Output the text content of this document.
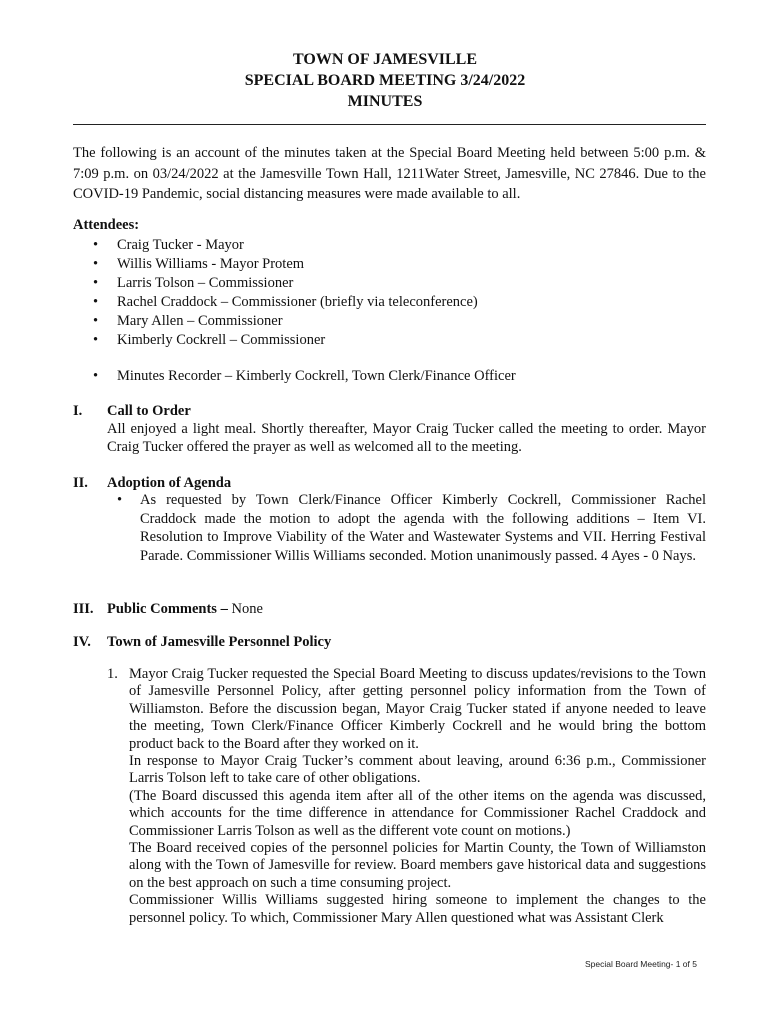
TOWN OF JAMESVILLE
SPECIAL BOARD MEETING 3/24/2022
MINUTES

The following is an account of the minutes taken at the Special Board Meeting held between 5:00 p.m. & 7:09 p.m. on 03/24/2022 at the Jamesville Town Hall, 1211Water Street, Jamesville, NC 27846. Due to the COVID-19 Pandemic, social distancing measures were made available to all.

Attendees:
• Craig Tucker - Mayor
• Willis Williams - Mayor Protem
• Larris Tolson – Commissioner
• Rachel Craddock – Commissioner (briefly via teleconference)
• Mary Allen – Commissioner
• Kimberly Cockrell – Commissioner
• Minutes Recorder – Kimberly Cockrell, Town Clerk/Finance Officer
I. Call to Order
All enjoyed a light meal. Shortly thereafter, Mayor Craig Tucker called the meeting to order. Mayor Craig Tucker offered the prayer as well as welcomed all to the meeting.
II. Adoption of Agenda
• As requested by Town Clerk/Finance Officer Kimberly Cockrell, Commissioner Rachel Craddock made the motion to adopt the agenda with the following additions – Item VI. Resolution to Improve Viability of the Water and Wastewater Systems and VII. Herring Festival Parade. Commissioner Willis Williams seconded. Motion unanimously passed. 4 Ayes - 0 Nays.
III. Public Comments – None
IV. Town of Jamesville Personnel Policy
1. Mayor Craig Tucker requested the Special Board Meeting to discuss updates/revisions to the Town of Jamesville Personnel Policy, after getting personnel policy information from the Town of Williamston. Before the discussion began, Mayor Craig Tucker stated if anyone needed to leave the meeting, Town Clerk/Finance Officer Kimberly Cockrell and he would bring the bottom product back to the Board after they worked on it.

In response to Mayor Craig Tucker’s comment about leaving, around 6:36 p.m., Commissioner Larris Tolson left to take care of other obligations.

(The Board discussed this agenda item after all of the other items on the agenda was discussed, which accounts for the time difference in attendance for Commissioner Rachel Craddock and Commissioner Larris Tolson as well as the different vote count on motions.)

The Board received copies of the personnel policies for Martin County, the Town of Williamston along with the Town of Jamesville for review. Board members gave historical data and suggestions on the best approach on such a time consuming project.

Commissioner Willis Williams suggested hiring someone to implement the changes to the personnel policy. To which, Commissioner Mary Allen questioned what was Assistant Clerk

Special Board Meeting- 1 of 5
